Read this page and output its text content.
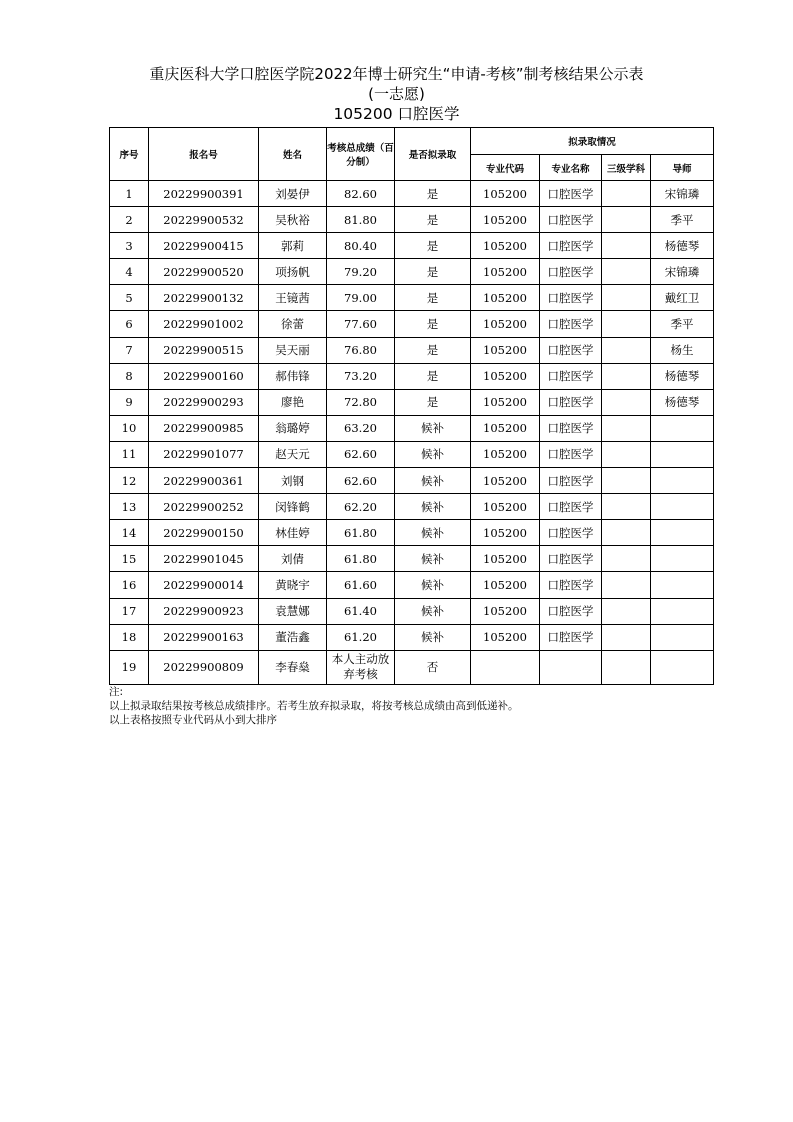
重庆医科大学口腔医学院2022年博士研究生“申请-考核”制考核结果公示表
(一志愿)
105200 口腔医学
序号	报名号	姓名	考核总成绩（百分制）	是否拟录取	拟录取情况			
					专业代码	专业名称	三级学科	导师
1	20229900391	刘晏伊	82.60	是	105200	口腔医学		宋锦璘
2	20229900532	吴秋裕	81.80	是	105200	口腔医学		季平
3	20229900415	郭莉	80.40	是	105200	口腔医学		杨德琴
4	20229900520	项扬帆	79.20	是	105200	口腔医学		宋锦璘
5	20229900132	王镜茜	79.00	是	105200	口腔医学		戴红卫
6	20229901002	徐蕾	77.60	是	105200	口腔医学		季平
7	20229900515	吴天丽	76.80	是	105200	口腔医学		杨生
8	20229900160	郝伟锋	73.20	是	105200	口腔医学		杨德琴
9	20229900293	廖艳	72.80	是	105200	口腔医学		杨德琴
10	20229900985	翁璐婷	63.20	候补	105200	口腔医学		
11	20229901077	赵天元	62.60	候补	105200	口腔医学		
12	20229900361	刘钢	62.60	候补	105200	口腔医学		
13	20229900252	闵锋鹤	62.20	候补	105200	口腔医学		
14	20229900150	林佳婷	61.80	候补	105200	口腔医学		
15	20229901045	刘倩	61.80	候补	105200	口腔医学		
16	20229900014	黄晓宇	61.60	候补	105200	口腔医学		
17	20229900923	袁慧娜	61.40	候补	105200	口腔医学		
18	20229900163	董浩鑫	61.20	候补	105200	口腔医学		
19	20229900809	李春燊	本人主动放弃考核	否				
注:
以上拟录取结果按考核总成绩排序。若考生放弃拟录取，将按考核总成绩由高到低递补。
以上表格按照专业代码从小到大排序
